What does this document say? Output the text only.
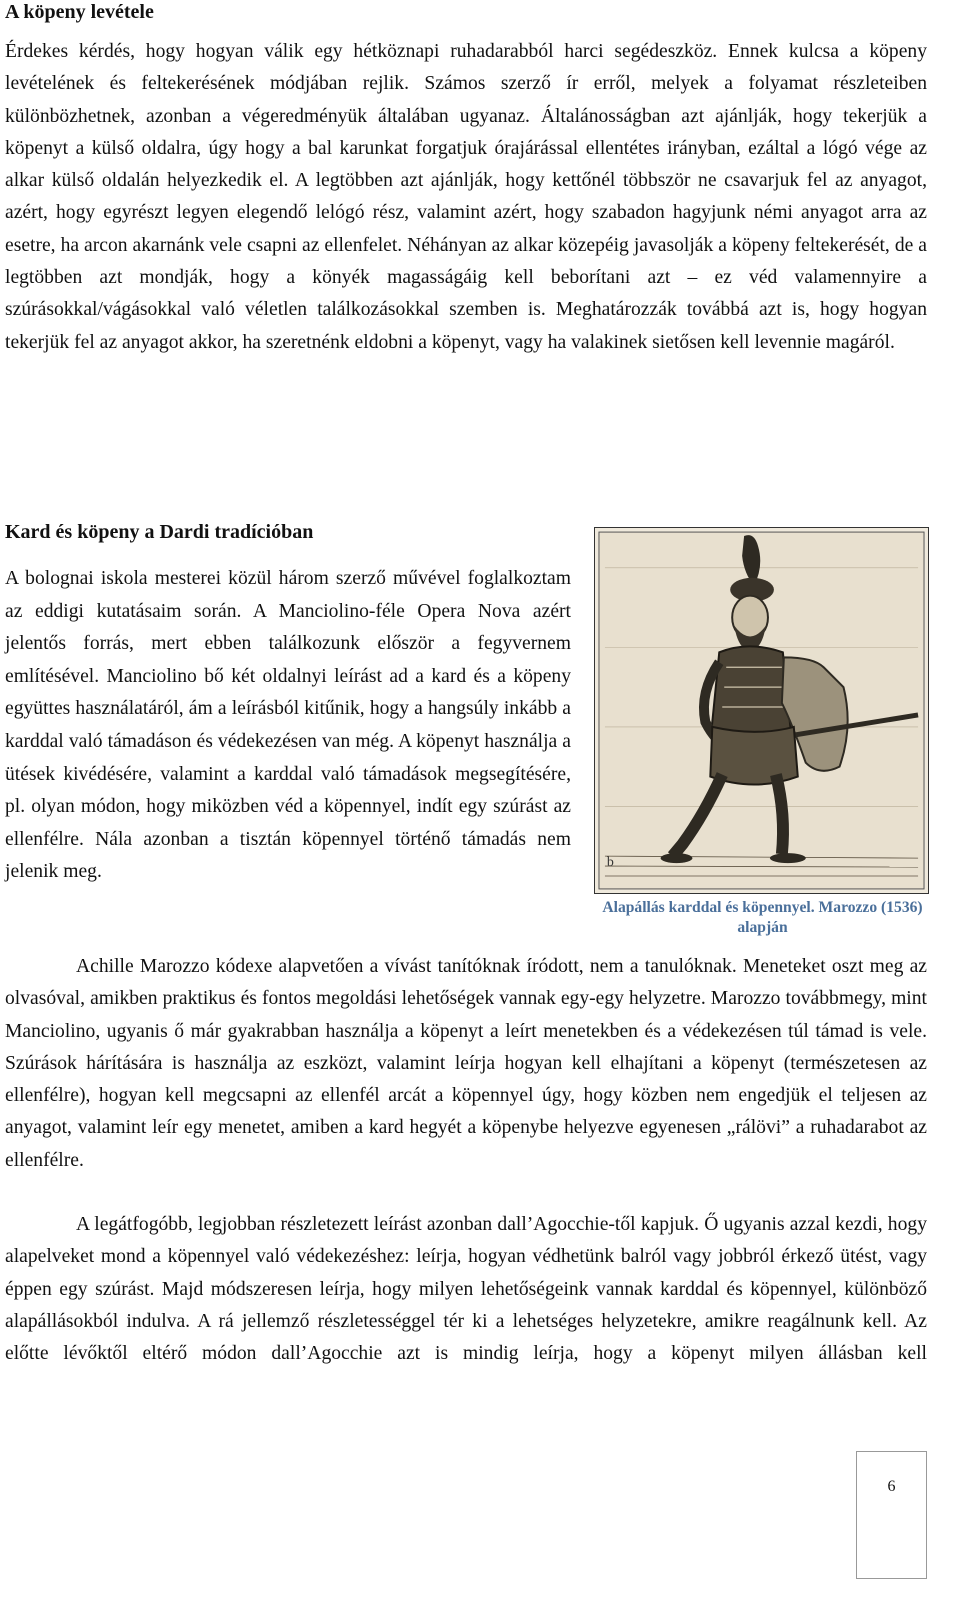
A köpeny levétele

Érdekes kérdés, hogy hogyan válik egy hétköznapi ruhadarabból harci segédeszköz. Ennek kulcsa a köpeny levételének és feltekerésének módjában rejlik. Számos szerző ír erről, melyek a folyamat részleteiben különbözhetnek, azonban a végeredményük általában ugyanaz. Általánosságban azt ajánlják, hogy tekerjük a köpenyt a külső oldalra, úgy hogy a bal karunkat forgatjuk órajárással ellentétes irányban, ezáltal a lógó vége az alkar külső oldalán helyezkedik el. A legtöbben azt ajánlják, hogy kettőnél többször ne csavarjuk fel az anyagot, azért, hogy egyrészt legyen elegendő lelógó rész, valamint azért, hogy szabadon hagyjunk némi anyagot arra az esetre, ha arcon akarnánk vele csapni az ellenfelet. Néhányan az alkar közepéig javasolják a köpeny feltekerését, de a legtöbben azt mondják, hogy a könyék magasságáig kell beborítani azt – ez véd valamennyire a szúrásokkal/vágásokkal való véletlen találkozásokkal szemben is. Meghatározzák továbbá azt is, hogy hogyan tekerjük fel az anyagot akkor, ha szeretnénk eldobni a köpenyt, vagy ha valakinek sietősen kell levennie magáról.

Kard és köpeny a Dardi tradícióban

A bolognai iskola mesterei közül három szerző művével foglalkoztam az eddigi kutatásaim során. A Manciolino-féle Opera Nova azért jelentős forrás, mert ebben találkozunk először a fegyvernem említésével. Manciolino bő két oldalnyi leírást ad a kard és a köpeny együttes használatáról, ám a leírásból kitűnik, hogy a hangsúly inkább a karddal való támadáson és védekezésen van még. A köpenyt használja a ütések kivédésére, valamint a karddal való támadások megsegítésére, pl. olyan módon, hogy miközben véd a köpennyel, indít egy szúrást az ellenfélre. Nála azonban a tisztán köpennyel történő támadás nem jelenik meg.	b
Alapállás karddal és köpennyel. Marozzo (1536) alapján

Achille Marozzo kódexe alapvetően a vívást tanítóknak íródott, nem a tanulóknak. Meneteket oszt meg az olvasóval, amikben praktikus és fontos megoldási lehetőségek vannak egy-egy helyzetre. Marozzo továbbmegy, mint Manciolino, ugyanis ő már gyakrabban használja a köpenyt a leírt menetekben és a védekezésen túl támad is vele. Szúrások hárítására is használja az eszközt, valamint leírja hogyan kell elhajítani a köpenyt (természetesen az ellenfélre), hogyan kell megcsapni az ellenfél arcát a köpennyel úgy, hogy közben nem engedjük el teljesen az anyagot, valamint leír egy menetet, amiben a kard hegyét a köpenybe helyezve egyenesen „rálövi” a ruhadarabot az ellenfélre.

A legátfogóbb, legjobban részletezett leírást azonban dall’Agocchie-től kapjuk. Ő ugyanis azzal kezdi, hogy alapelveket mond a köpennyel való védekezéshez: leírja, hogyan védhetünk balról vagy jobbról érkező ütést, vagy éppen egy szúrást. Majd módszeresen leírja, hogy milyen lehetőségeink vannak karddal és köpennyel, különböző alapállásokból indulva. A rá jellemző részletességgel tér ki a lehetséges helyzetekre, amikre reagálnunk kell. Az előtte lévőktől eltérő módon dall’Agocchie azt is mindig leírja, hogy a köpenyt milyen állásban kell

6
